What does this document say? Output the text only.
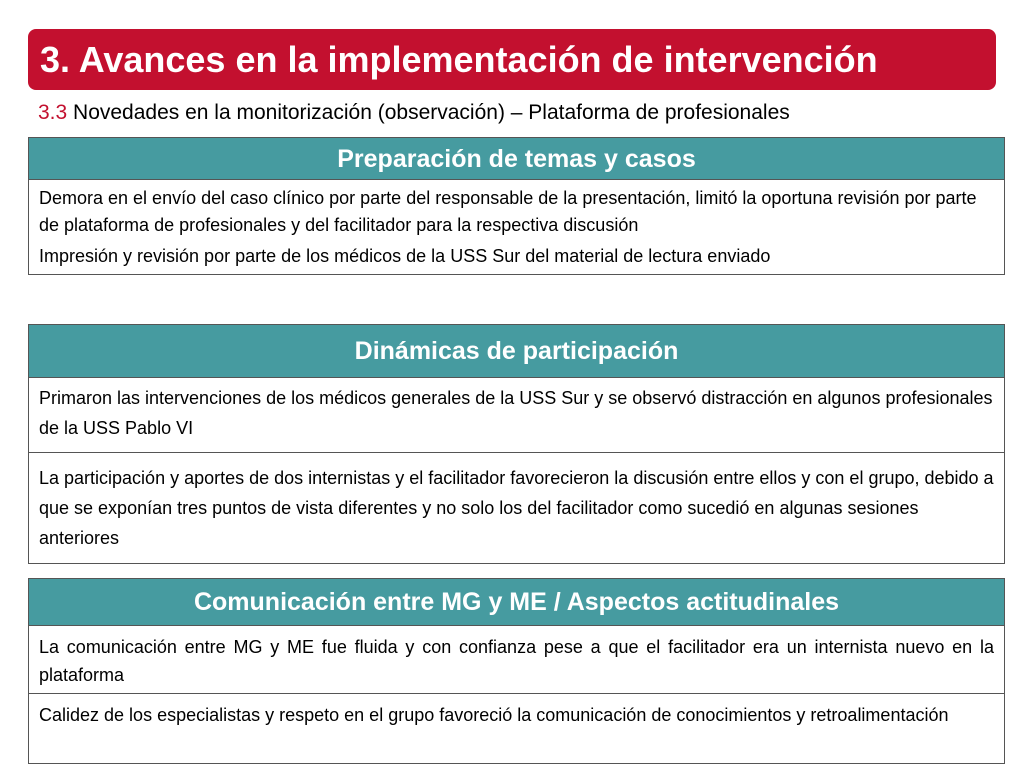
3. Avances en la implementación de intervención
3.3 Novedades en la monitorización (observación) – Plataforma de profesionales
Preparación de temas y casos
Demora en el envío del caso clínico por parte del responsable de la presentación, limitó la oportuna revisión por parte de plataforma de profesionales y del facilitador para la respectiva discusión
Impresión y revisión por parte de los médicos de la USS Sur del material de lectura enviado
Dinámicas de participación
Primaron las intervenciones de los médicos generales de la USS Sur y se observó distracción en algunos profesionales de la USS Pablo VI
La participación y aportes de dos internistas y el facilitador favorecieron la discusión entre ellos y con el grupo, debido a que se exponían tres puntos de vista diferentes y no solo los del facilitador como sucedió en algunas sesiones anteriores
Comunicación entre MG y ME / Aspectos actitudinales
La comunicación entre MG y ME fue fluida y con confianza pese a que el facilitador era un internista nuevo en la plataforma
Calidez de los especialistas y respeto en el grupo favoreció la comunicación de conocimientos y retroalimentación
